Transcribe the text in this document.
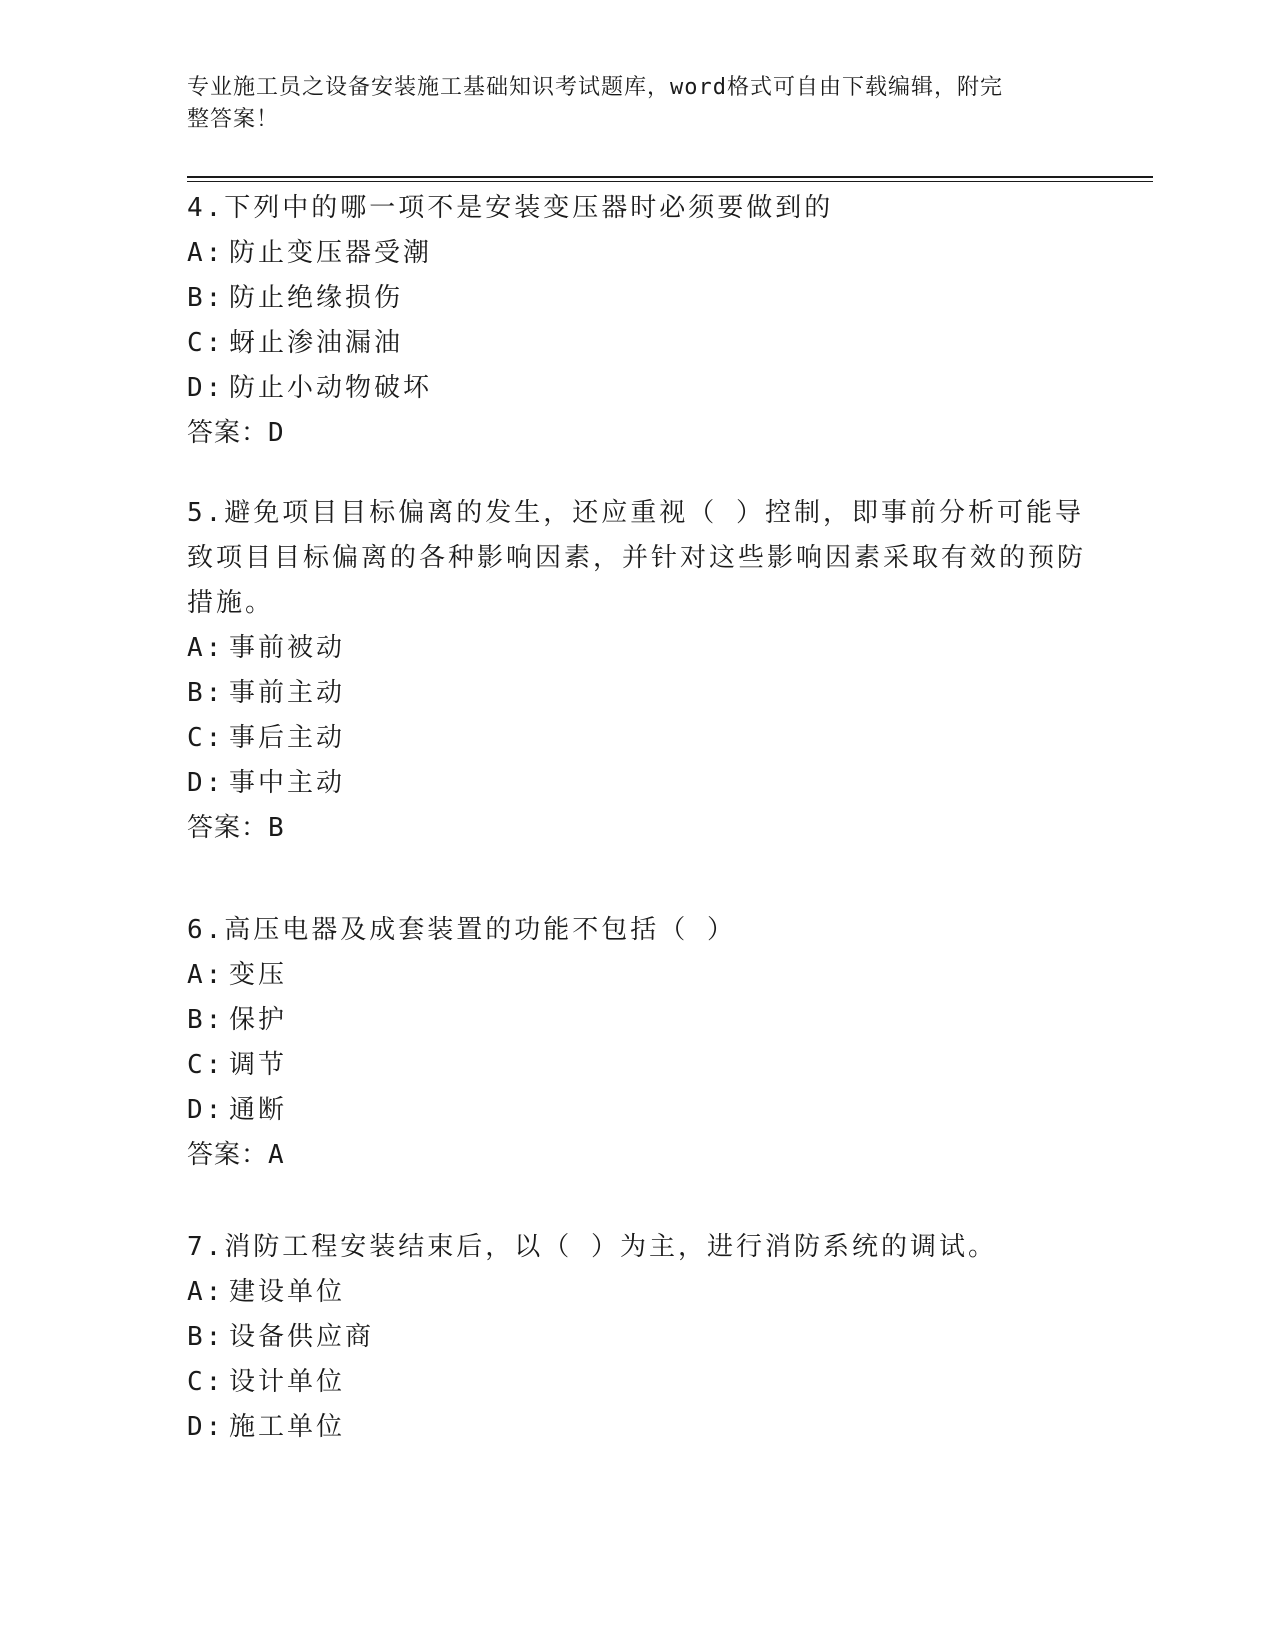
专业施工员之设备安装施工基础知识考试题库，word格式可自由下载编辑，附完
整答案！
4.下列中的哪一项不是安装变压器时必须要做到的
A: 防止变压器受潮
B: 防止绝缘损伤
C: 蚜止渗油漏油
D: 防止小动物破坏
答案：D
5.避免项目目标偏离的发生，还应重视（ ）控制，即事前分析可能导致项目目标偏离的各种影响因素，并针对这些影响因素采取有效的预防措施。
A: 事前被动
B: 事前主动
C: 事后主动
D: 事中主动
答案：B
6.高压电器及成套装置的功能不包括（ ）
A: 变压
B: 保护
C: 调节
D: 通断
答案：A
7.消防工程安装结束后，以（ ）为主，进行消防系统的调试。
A: 建设单位
B: 设备供应商
C: 设计单位
D: 施工单位
